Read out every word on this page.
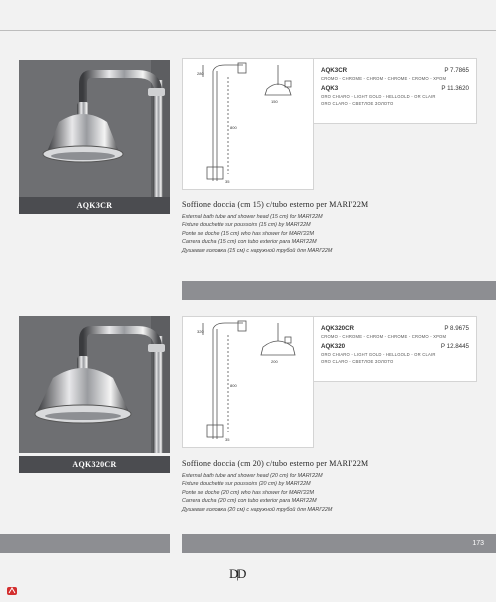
AQK3CR
280
150
800
35
AQK3CR	P 7.7865
CROMO - CHROME - CHROM - CHROME - CROMO - ХРОМ
AQK3	P 11.3620
ORO CHIARO - LIGHT GOLD - HELLGOLD - OR CLAIR
ORO CLARO - СВЕТЛОЕ ЗОЛОТО
Soffione doccia (cm 15) c/tubo esterno per MARI'22M
External bath tube and shower head (15 cm) for MARI'22M
Fixture douchette sur poussoirs (15 cm) by MARI'22M
Ponte se doche (15 cm) who has shower for MARI'22M
Carrera ducha (15 cm) con tubo exterior para MARI'22M
Душевая головка (15 см) с наружной трубой для MARI'22M
AQK320CR
320
200
800
35
AQK320CR	P 8.9675
CROMO - CHROME - CHROM - CHROME - CROMO - ХРОМ
AQK320	P 12.8445
ORO CHIARO - LIGHT GOLD - HELLGOLD - OR CLAIR
ORO CLARO - СВЕТЛОЕ ЗОЛОТО
Soffione doccia (cm 20) c/tubo esterno per MARI'22M
External bath tube and shower head (20 cm) for MARI'22M
Fixture douchette sur poussoirs (20 cm) by MARI'22M
Ponte se doche (20 cm) who has shower for MARI'22M
Carrera ducha (20 cm) con tubo exterior para MARI'22M
Душевая головка (20 см) с наружной трубой для MARI'22M
173
D|D
